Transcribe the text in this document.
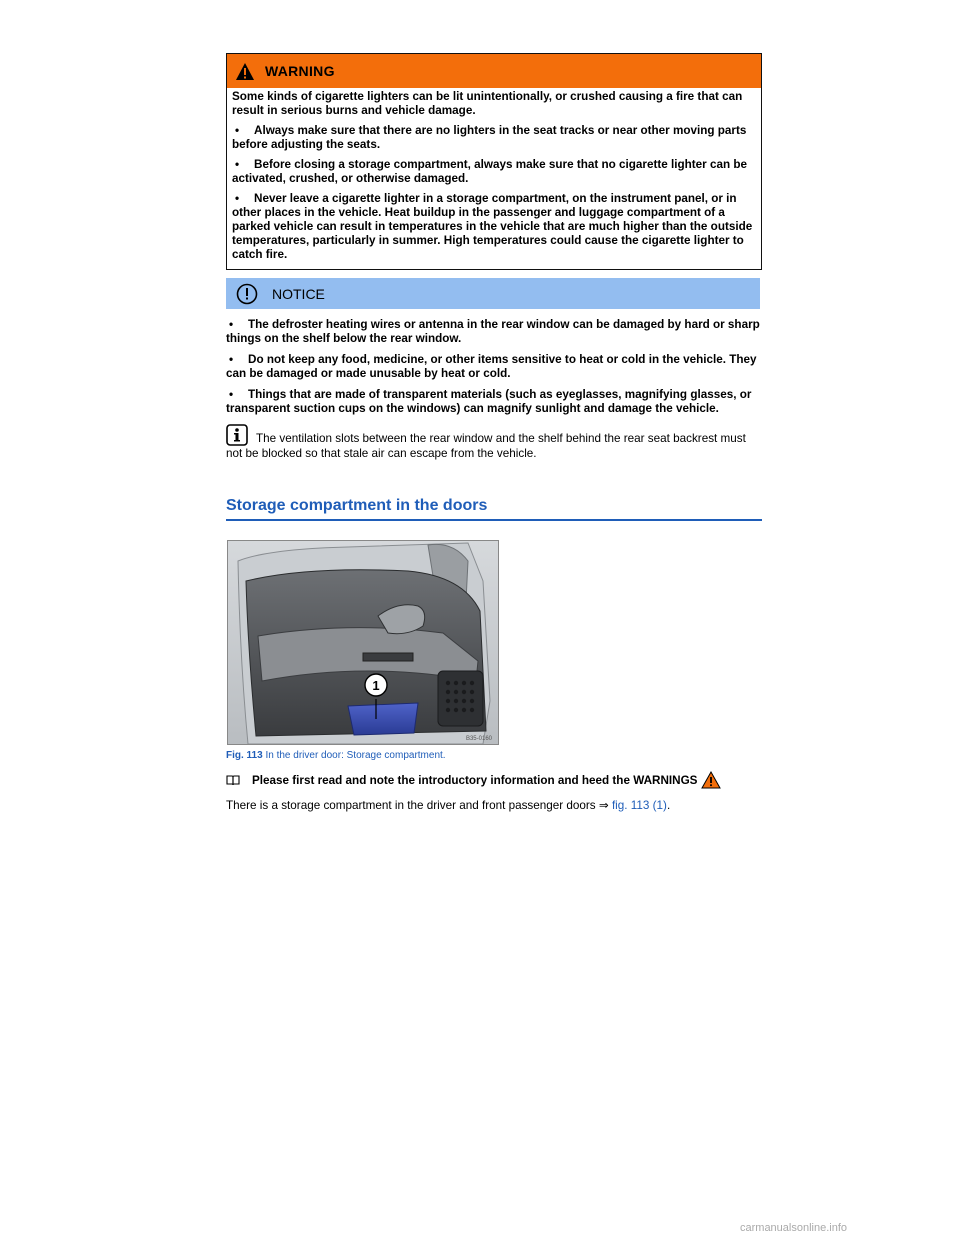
WARNING

Some kinds of cigarette lighters can be lit unintentionally, or crushed causing a fire that can result in serious burns and vehicle damage.

• Always make sure that there are no lighters in the seat tracks or near other moving parts before adjusting the seats.

• Before closing a storage compartment, always make sure that no cigarette lighter can be activated, crushed, or otherwise damaged.

• Never leave a cigarette lighter in a storage compartment, on the instrument panel, or in other places in the vehicle. Heat buildup in the passenger and luggage compartment of a parked vehicle can result in temperatures in the vehicle that are much higher than the outside temperatures, particularly in summer. High temperatures could cause the cigarette lighter to catch fire.

NOTICE

• The defroster heating wires or antenna in the rear window can be damaged by hard or sharp things on the shelf below the rear window.

• Do not keep any food, medicine, or other items sensitive to heat or cold in the vehicle. They can be damaged or made unusable by heat or cold.

• Things that are made of transparent materials (such as eyeglasses, magnifying glasses, or transparent suction cups on the windows) can magnify sunlight and damage the vehicle.

The ventilation slots between the rear window and the shelf behind the rear seat backrest must not be blocked so that stale air can escape from the vehicle.
Storage compartment in the doors
1
B35-0160
Fig. 113 In the driver door: Storage compartment.
Please first read and note the introductory information and heed the WARNINGS
There is a storage compartment in the driver and front passenger doors ⇒ fig. 113 (1).
carmanualsonline.info
